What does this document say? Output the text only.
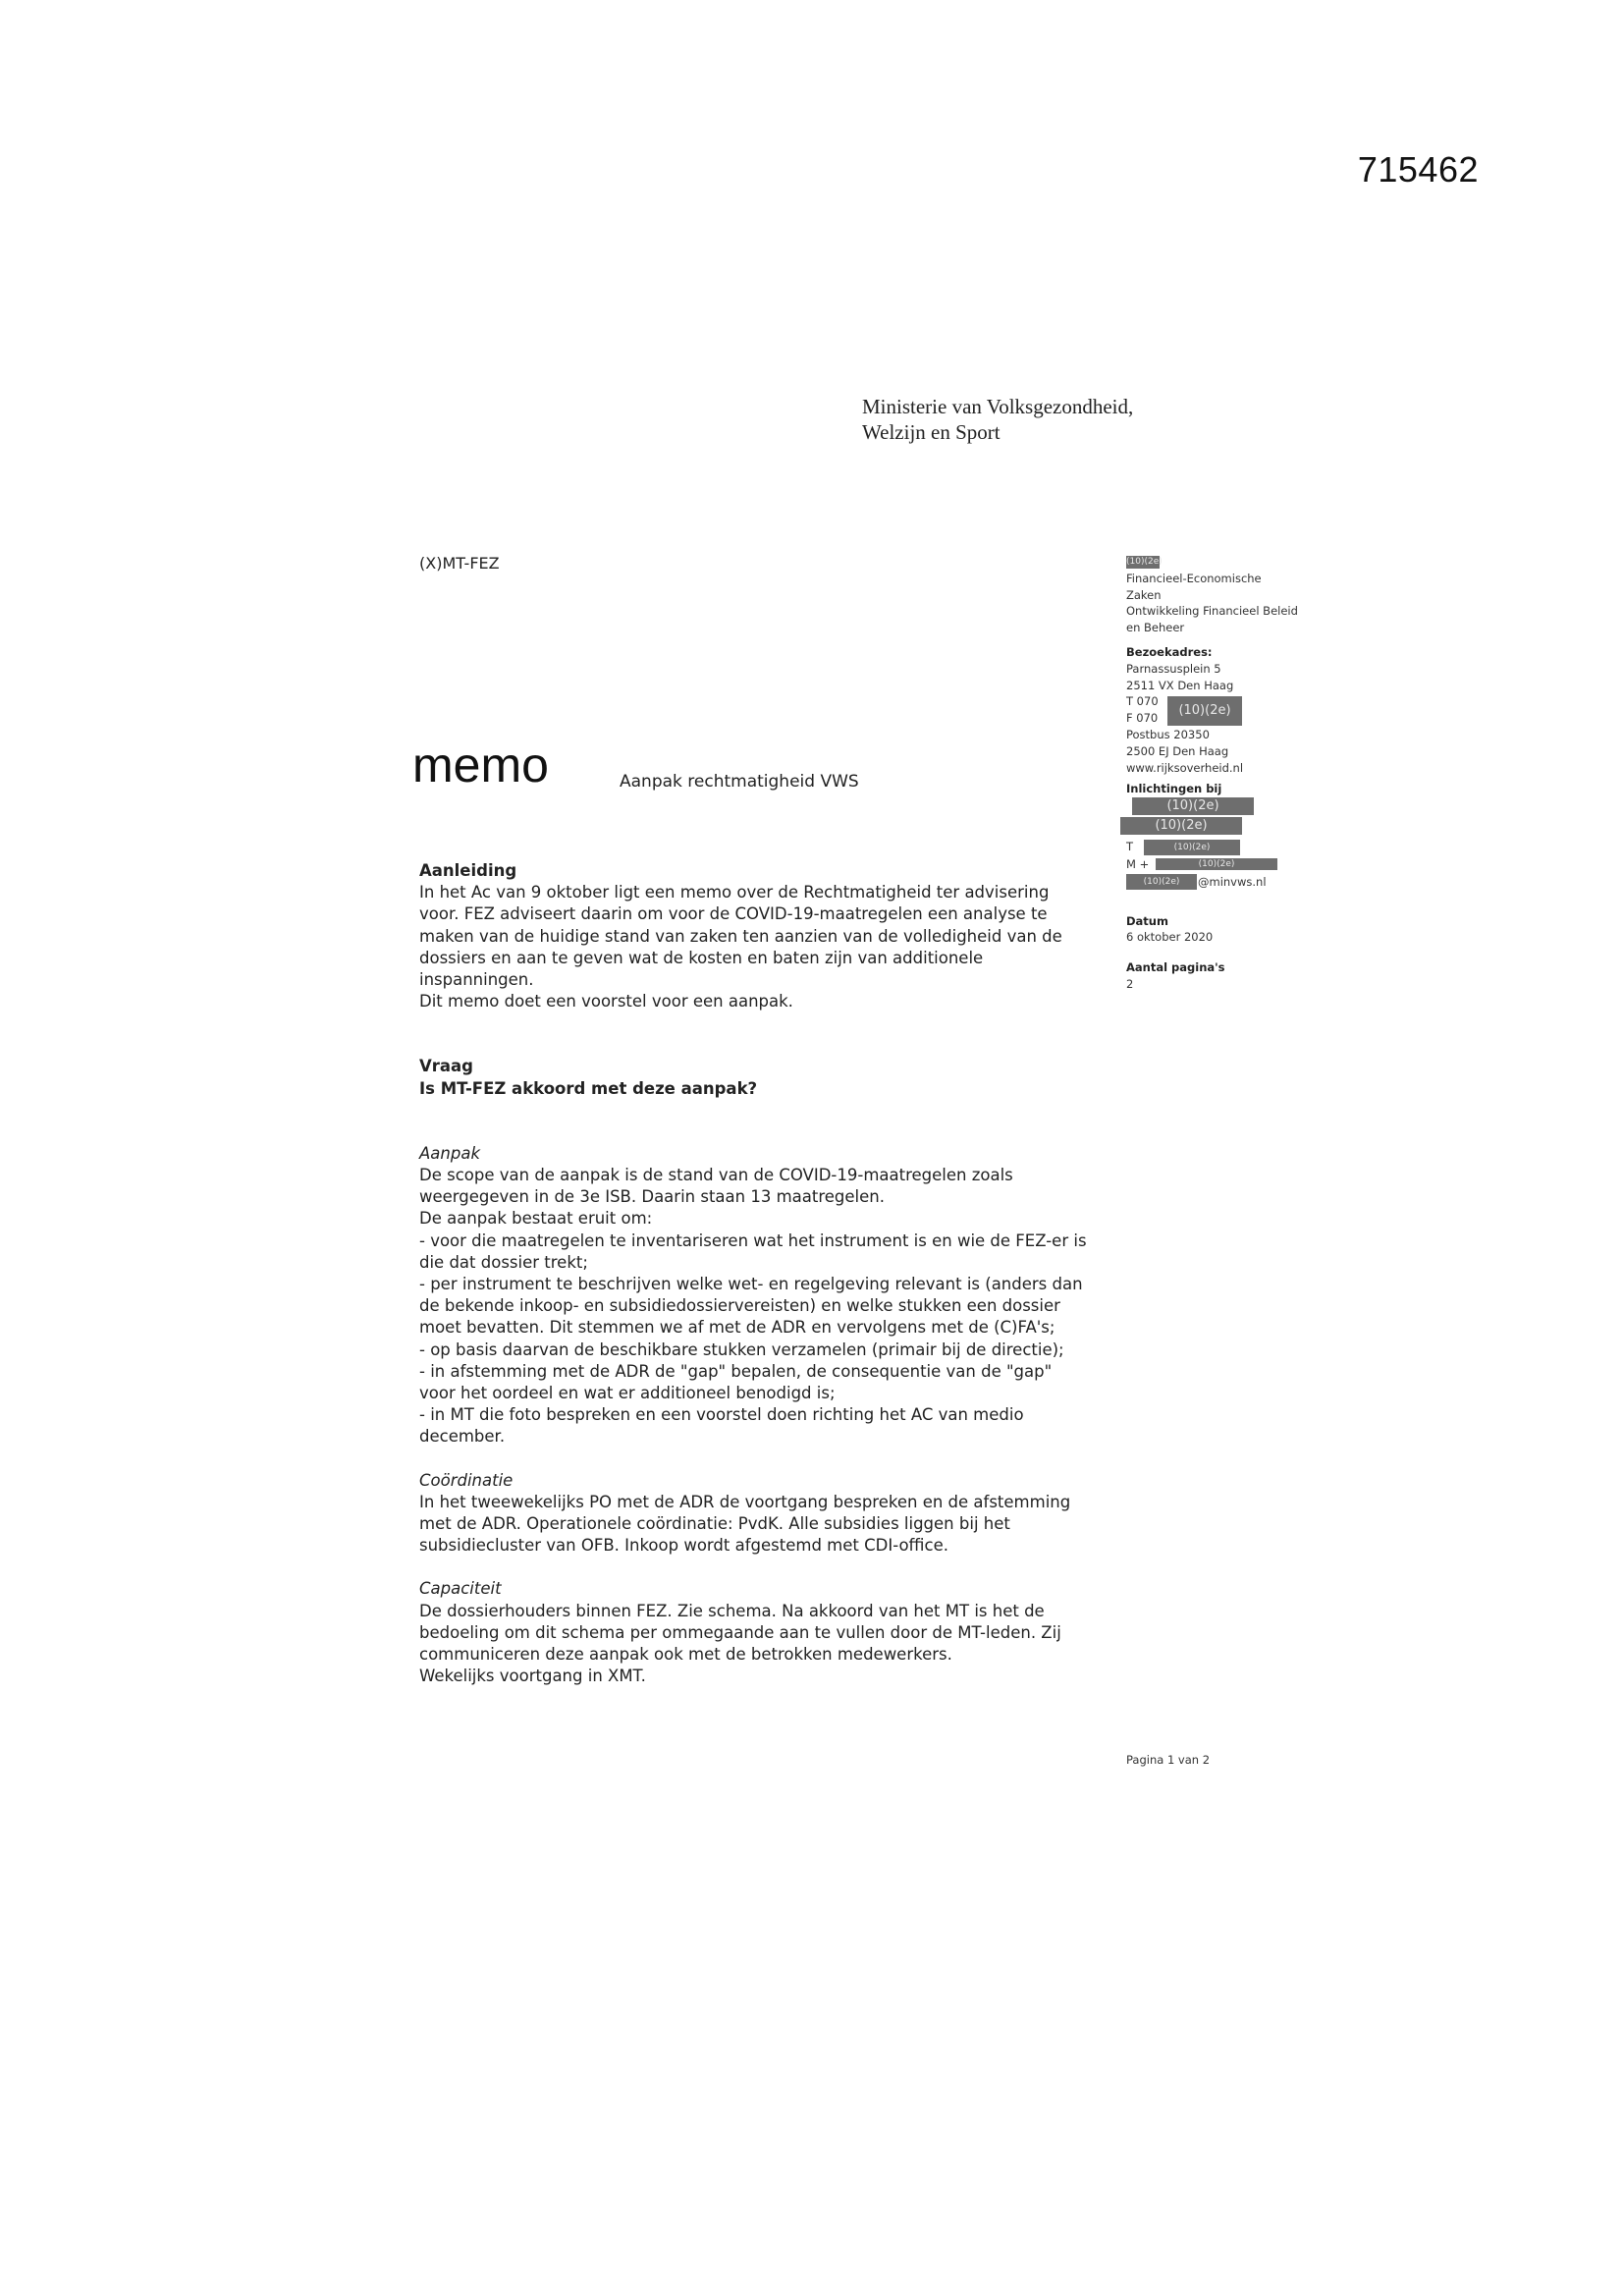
715462
Ministerie van Volksgezondheid,
Welzijn en Sport
(X)MT-FEZ
memo	Aanpak rechtmatigheid VWS
Aanleiding
In het Ac van 9 oktober ligt een memo over de Rechtmatigheid ter advisering
voor. FEZ adviseert daarin om voor de COVID-19-maatregelen een analyse te
maken van de huidige stand van zaken ten aanzien van de volledigheid van de
dossiers en aan te geven wat de kosten en baten zijn van additionele
inspanningen.
Dit memo doet een voorstel voor een aanpak.
Vraag
Is MT-FEZ akkoord met deze aanpak?
Aanpak
De scope van de aanpak is de stand van de COVID-19-maatregelen zoals
weergegeven in de 3e ISB. Daarin staan 13 maatregelen.
De aanpak bestaat eruit om:
- voor die maatregelen te inventariseren wat het instrument is en wie de FEZ-er is
die dat dossier trekt;
- per instrument te beschrijven welke wet- en regelgeving relevant is (anders dan
de bekende inkoop- en subsidiedossiervereisten) en welke stukken een dossier
moet bevatten. Dit stemmen we af met de ADR en vervolgens met de (C)FA's;
- op basis daarvan de beschikbare stukken verzamelen (primair bij de directie);
- in afstemming met de ADR de "gap" bepalen, de consequentie van de "gap"
voor het oordeel en wat er additioneel benodigd is;
- in MT die foto bespreken en een voorstel doen richting het AC van medio
december.
Coördinatie
In het tweewekelijks PO met de ADR de voortgang bespreken en de afstemming
met de ADR. Operationele coördinatie: PvdK. Alle subsidies liggen bij het
subsidiecluster van OFB. Inkoop wordt afgestemd met CDI-office.
Capaciteit
De dossierhouders binnen FEZ. Zie schema. Na akkoord van het MT is het de
bedoeling om dit schema per ommegaande aan te vullen door de MT-leden. Zij
communiceren deze aanpak ook met de betrokken medewerkers.
Wekelijks voortgang in XMT.
(10)(2e)
Financieel-Economische
Zaken
Ontwikkeling Financieel Beleid
en Beheer
Bezoekadres:
Parnassusplein 5
2511 VX Den Haag
T 070
F 070	(10)(2e)
Postbus 20350
2500 EJ Den Haag
www.rijksoverheid.nl
Inlichtingen bij
(10)(2e)
(10)(2e)
T	(10)(2e)
M +	(10)(2e)
(10)(2e)	@minvws.nl
Datum
6 oktober 2020
Aantal pagina's
2
Pagina 1 van 2
